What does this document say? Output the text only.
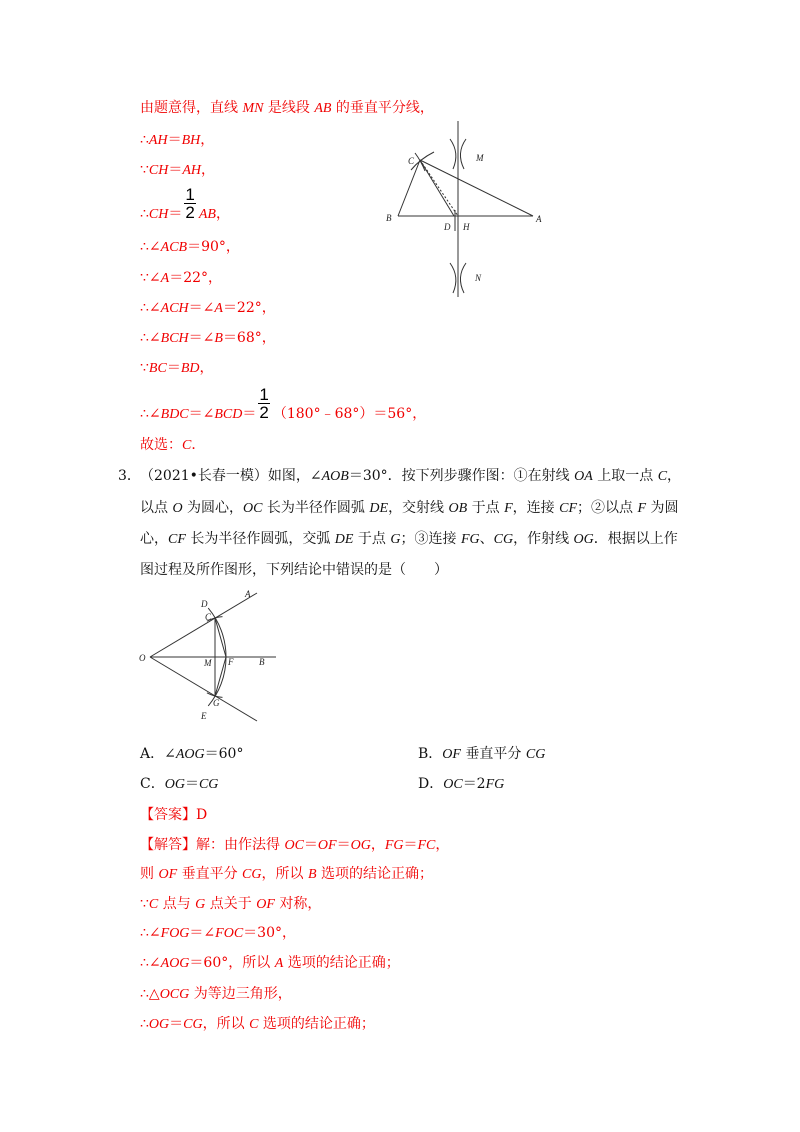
由题意得，直线 MN 是线段 AB 的垂直平分线，
∴AH＝BH，
∵CH＝AH，
∴CH＝ $\frac{1}{2}$ AB，
∴∠ACB＝90°，
∵∠A＝22°，
∴∠ACH＝∠A＝22°，
∴∠BCH＝∠B＝68°，
∵BC＝BD，
∴∠BDC＝∠BCD＝ $\frac{1}{2}$ （180°﹣68°）＝56°，
故选：C．
C	M
B
D H
A
N
3． （2021•长春一模）如图，∠AOB＝30°．按下列步骤作图：①在射线 OA 上取一点 C，
以点 O 为圆心，OC 长为半径作圆弧 DE，交射线 OB 于点 F，连接 CF；②以点 F 为圆
心，CF 长为半径作圆弧，交弧 DE 于点 G；③连接 FG、CG，作射线 OG．根据以上作
图过程及所作图形，下列结论中错误的是（　　）
O
D
C
A
M F	B
G
E
A．∠AOG＝60°	B．OF 垂直平分 CG
C．OG＝CG	D．OC＝2FG
【答案】D
【解答】解：由作法得 OC＝OF＝OG，FG＝FC，
则 OF 垂直平分 CG，所以 B 选项的结论正确；
∵C 点与 G 点关于 OF 对称，
∴∠FOG＝∠FOC＝30°，
∴∠AOG＝60°，所以 A 选项的结论正确；
∴△OCG 为等边三角形，
∴OG＝CG，所以 C 选项的结论正确；
